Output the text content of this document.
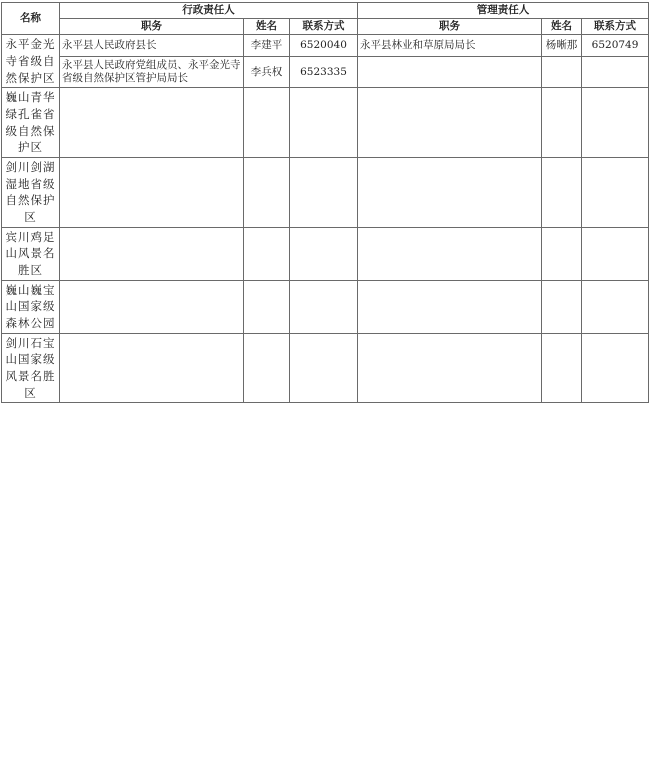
名称	行政责任人			管理责任人		
	职务	姓名	联系方式	职务	姓名	联系方式
永平金光寺省级自然保护区	永平县人民政府县长	李建平	6520040	永平县林业和草原局局长	杨晰那	6520749
	永平县人民政府党组成员、永平金光寺省级自然保护区管护局局长	李兵权	6523335			
巍山青华绿孔雀省级自然保护区						
剑川剑湖湿地省级自然保护区						
宾川鸡足山风景名胜区						
巍山巍宝山国家级森林公园						
剑川石宝山国家级风景名胜区						
